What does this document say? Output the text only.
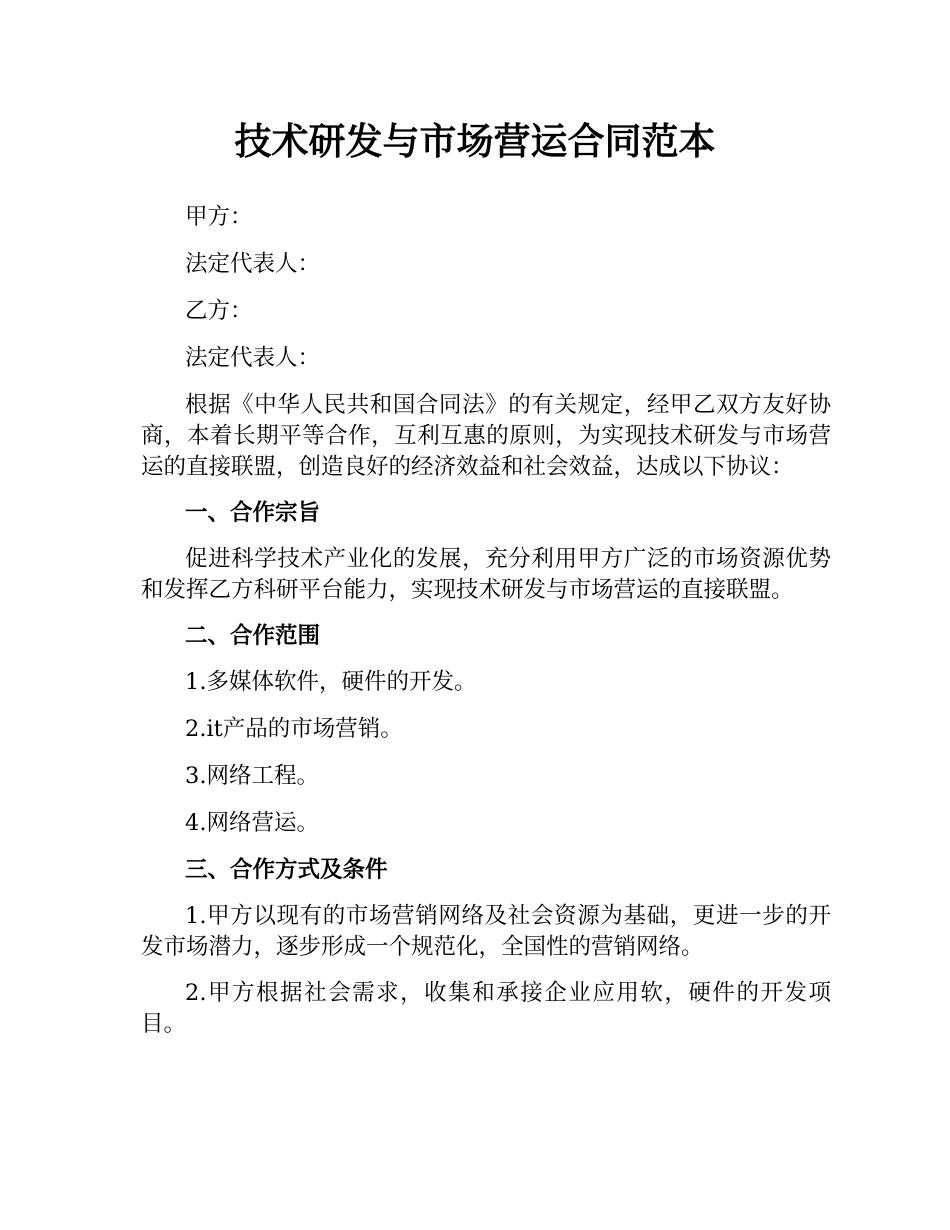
技术研发与市场营运合同范本

甲方：

法定代表人：

乙方：

法定代表人：

根据《中华人民共和国合同法》的有关规定，经甲乙双方友好协商，本着长期平等合作，互利互惠的原则，为实现技术研发与市场营运的直接联盟，创造良好的经济效益和社会效益，达成以下协议：

一、合作宗旨

促进科学技术产业化的发展，充分利用甲方广泛的市场资源优势和发挥乙方科研平台能力，实现技术研发与市场营运的直接联盟。

二、合作范围

1.多媒体软件，硬件的开发。

2.it产品的市场营销。

3.网络工程。

4.网络营运。

三、合作方式及条件

1.甲方以现有的市场营销网络及社会资源为基础，更进一步的开发市场潜力，逐步形成一个规范化，全国性的营销网络。

2.甲方根据社会需求，收集和承接企业应用软，硬件的开发项目。
